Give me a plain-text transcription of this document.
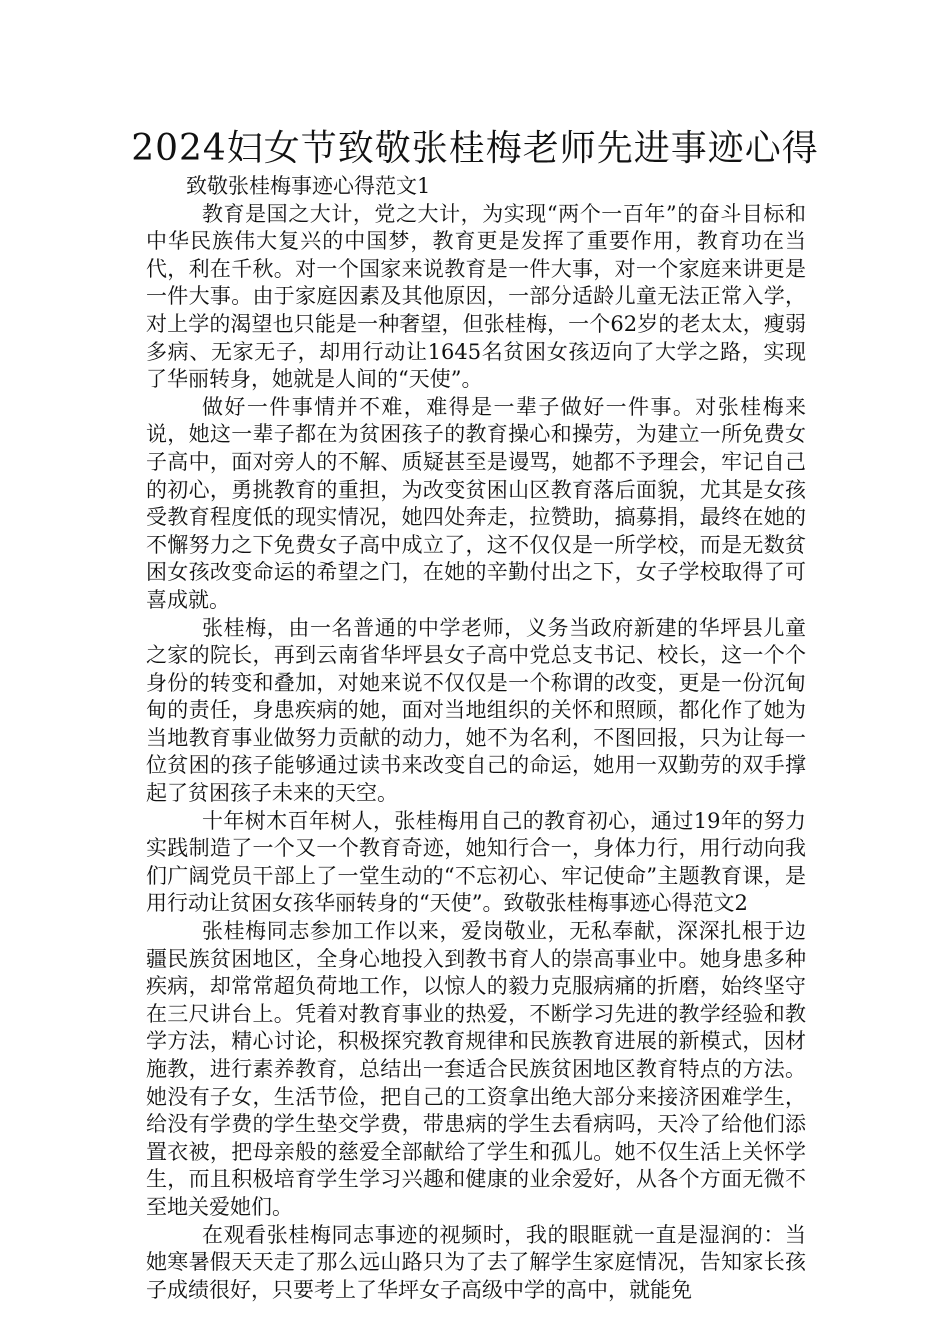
2024妇女节致敬张桂梅老师先进事迹心得

致敬张桂梅事迹心得范文1

教育是国之大计，党之大计，为实现“两个一百年”的奋斗目标和中华民族伟大复兴的中国梦，教育更是发挥了重要作用，教育功在当代，利在千秋。对一个国家来说教育是一件大事，对一个家庭来讲更是一件大事。由于家庭因素及其他原因，一部分适龄儿童无法正常入学，对上学的渴望也只能是一种奢望，但张桂梅，一个62岁的老太太，瘦弱多病、无家无子，却用行动让1645名贫困女孩迈向了大学之路，实现了华丽转身，她就是人间的“天使”。

做好一件事情并不难，难得是一辈子做好一件事。对张桂梅来说，她这一辈子都在为贫困孩子的教育操心和操劳，为建立一所免费女子高中，面对旁人的不解、质疑甚至是谩骂，她都不予理会，牢记自己的初心，勇挑教育的重担，为改变贫困山区教育落后面貌，尤其是女孩受教育程度低的现实情况，她四处奔走，拉赞助，搞募捐，最终在她的不懈努力之下免费女子高中成立了，这不仅仅是一所学校，而是无数贫困女孩改变命运的希望之门，在她的辛勤付出之下，女子学校取得了可喜成就。

张桂梅，由一名普通的中学老师，义务当政府新建的华坪县儿童之家的院长，再到云南省华坪县女子高中党总支书记、校长，这一个个身份的转变和叠加，对她来说不仅仅是一个称谓的改变，更是一份沉甸甸的责任，身患疾病的她，面对当地组织的关怀和照顾，都化作了她为当地教育事业做努力贡献的动力，她不为名利，不图回报，只为让每一位贫困的孩子能够通过读书来改变自己的命运，她用一双勤劳的双手撑起了贫困孩子未来的天空。

十年树木百年树人，张桂梅用自己的教育初心，通过19年的努力实践制造了一个又一个教育奇迹，她知行合一，身体力行，用行动向我们广阔党员干部上了一堂生动的“不忘初心、牢记使命”主题教育课，是用行动让贫困女孩华丽转身的“天使”。致敬张桂梅事迹心得范文2

张桂梅同志参加工作以来，爱岗敬业，无私奉献，深深扎根于边疆民族贫困地区，全身心地投入到教书育人的崇高事业中。她身患多种疾病，却常常超负荷地工作，以惊人的毅力克服病痛的折磨，始终坚守在三尺讲台上。凭着对教育事业的热爱，不断学习先进的教学经验和教学方法，精心讨论，积极探究教育规律和民族教育进展的新模式，因材施教，进行素养教育，总结出一套适合民族贫困地区教育特点的方法。她没有子女，生活节俭，把自己的工资拿出绝大部分来接济困难学生，给没有学费的学生垫交学费，带患病的学生去看病吗，天冷了给他们添置衣被，把母亲般的慈爱全部献给了学生和孤儿。她不仅生活上关怀学生，而且积极培育学生学习兴趣和健康的业余爱好，从各个方面无微不至地关爱她们。

在观看张桂梅同志事迹的视频时，我的眼眶就一直是湿润的：当她寒暑假天天走了那么远山路只为了去了解学生家庭情况，告知家长孩子成绩很好，只要考上了华坪女子高级中学的高中，就能免
